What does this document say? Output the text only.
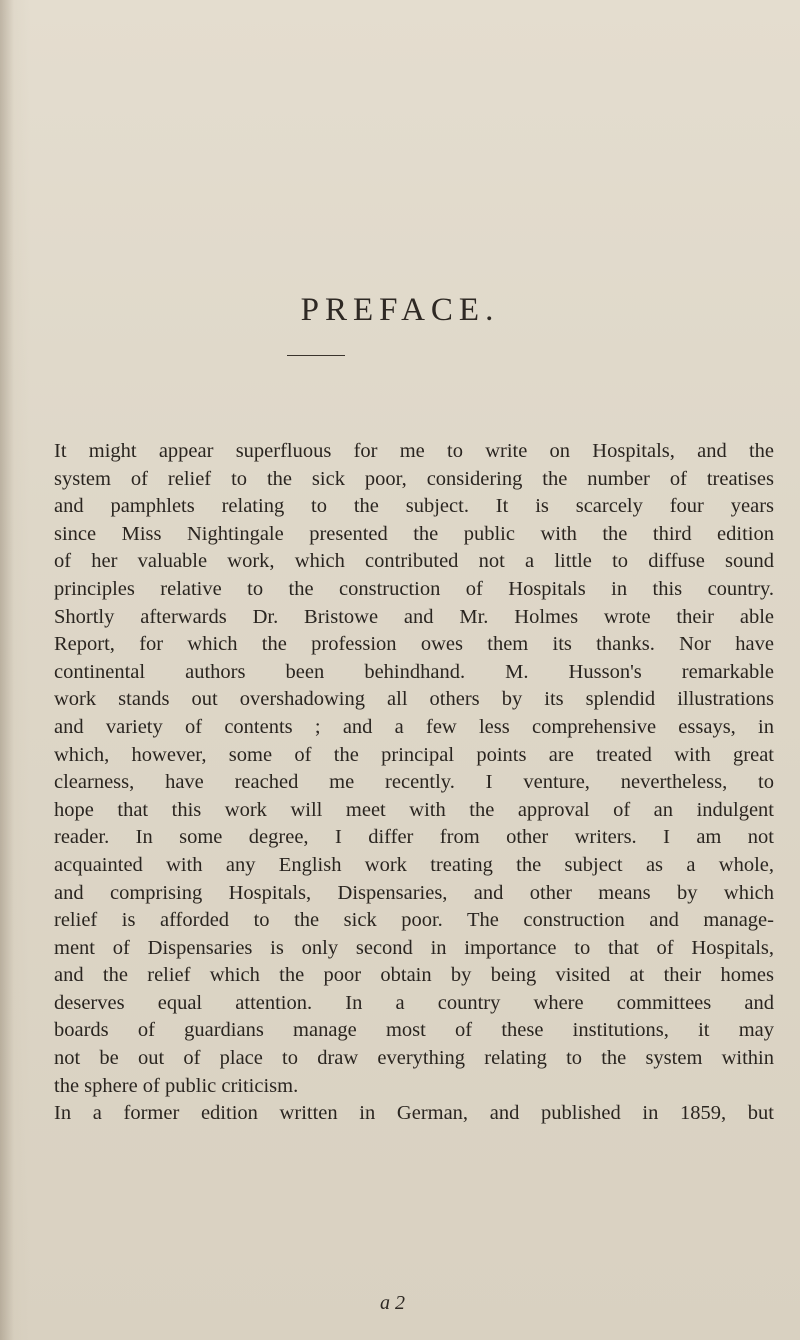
PREFACE.
It might appear superfluous for me to write on Hospitals, and the
system of relief to the sick poor, considering the number of treatises
and pamphlets relating to the subject. It is scarcely four years
since Miss Nightingale presented the public with the third edition
of her valuable work, which contributed not a little to diffuse sound
principles relative to the construction of Hospitals in this country.
Shortly afterwards Dr. Bristowe and Mr. Holmes wrote their able
Report, for which the profession owes them its thanks. Nor have
continental authors been behindhand. M. Husson's remarkable
work stands out overshadowing all others by its splendid illustrations
and variety of contents ; and a few less comprehensive essays, in
which, however, some of the principal points are treated with great
clearness, have reached me recently. I venture, nevertheless, to
hope that this work will meet with the approval of an indulgent
reader. In some degree, I differ from other writers. I am not
acquainted with any English work treating the subject as a whole,
and comprising Hospitals, Dispensaries, and other means by which
relief is afforded to the sick poor. The construction and manage-
ment of Dispensaries is only second in importance to that of Hospitals,
and the relief which the poor obtain by being visited at their homes
deserves equal attention. In a country where committees and
boards of guardians manage most of these institutions, it may
not be out of place to draw everything relating to the system within
the sphere of public criticism.
In a former edition written in German, and published in 1859, but
a 2
